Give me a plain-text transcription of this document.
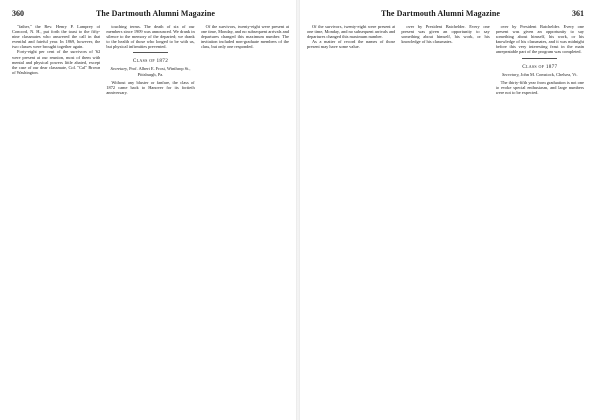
360	The Dartmouth Alumni Magazine

"father," the Rev. Henry P. Lamprey of Concord, N. H., put forth the toast to the fifty-nine classmates who answered the call in that eventful and fateful year. In 1869, however, the two classes were brought together again.

Forty-eight per cent of the survivors of '62 were present at our reunion, most of them with mental and physical powers little abated, except the case of our dear classmate, Col. "Cal" Brown of Washington.

touching terms. The death of six of our members since 1909 was announced. We drank in silence to the memory of the departed; we drank to the health of those who longed to be with us, but physical infirmities prevented.

Class of 1872
Secretary, Prof. Albert E. Frost, Winthrop St., Pittsburgh, Pa.

Without any bluster or fanfare, the class of 1872 came back to Hanover for its fortieth anniversary.

Of the survivors, twenty-eight were present at one time, Monday, and no subsequent arrivals and departures changed this maximum number. The invitation included non-graduate members of the class, but only one responded.

The Dartmouth Alumni Magazine	361

Of the survivors, twenty-eight were present at one time, Monday, and no subsequent arrivals and departures changed this maximum number.

As a matter of record the names of those present may have some value.

over by President Batchelder. Every one present was given an opportunity to say something about himself, his work, or his knowledge of his classmates.

over by President Batchelder. Every one present was given an opportunity to say something about himself, his work, or his knowledge of his classmates, and it was midnight before this very interesting feast in the main unrepeatable part of the program was completed.

Class of 1877
Secretary, John M. Comstock, Chelsea, Vt.

The thirty-fifth year from graduation is not one to evoke special enthusiasm, and large numbers were not to be expected.
